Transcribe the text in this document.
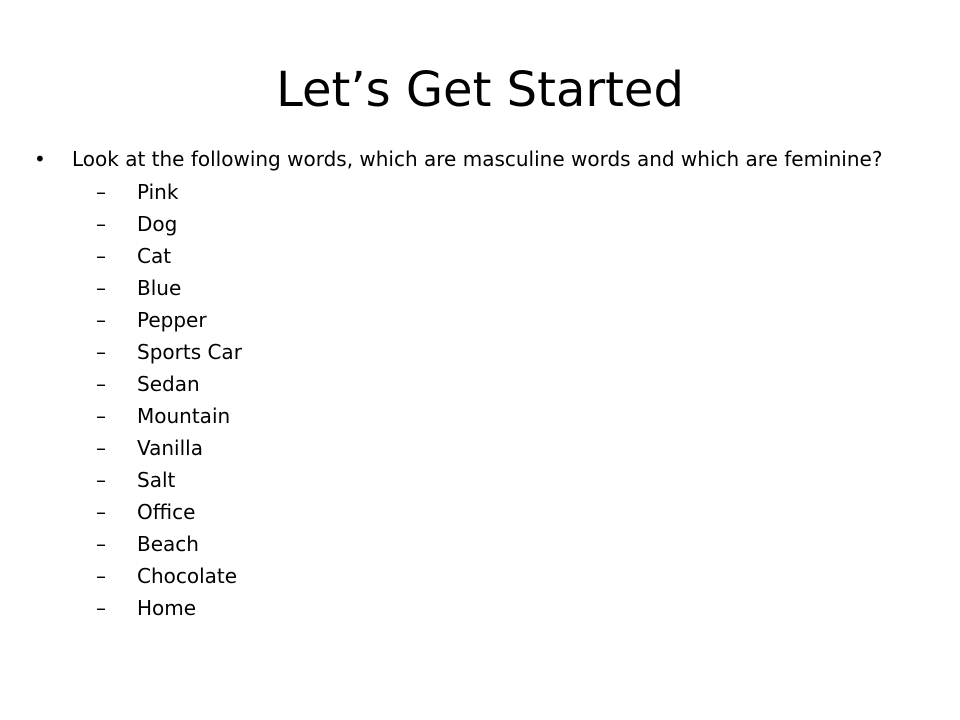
Let’s Get Started
• Look at the following words, which are masculine words and which are feminine?
– Pink
– Dog
– Cat
– Blue
– Pepper
– Sports Car
– Sedan
– Mountain
– Vanilla
– Salt
– Office
– Beach
– Chocolate
– Home
